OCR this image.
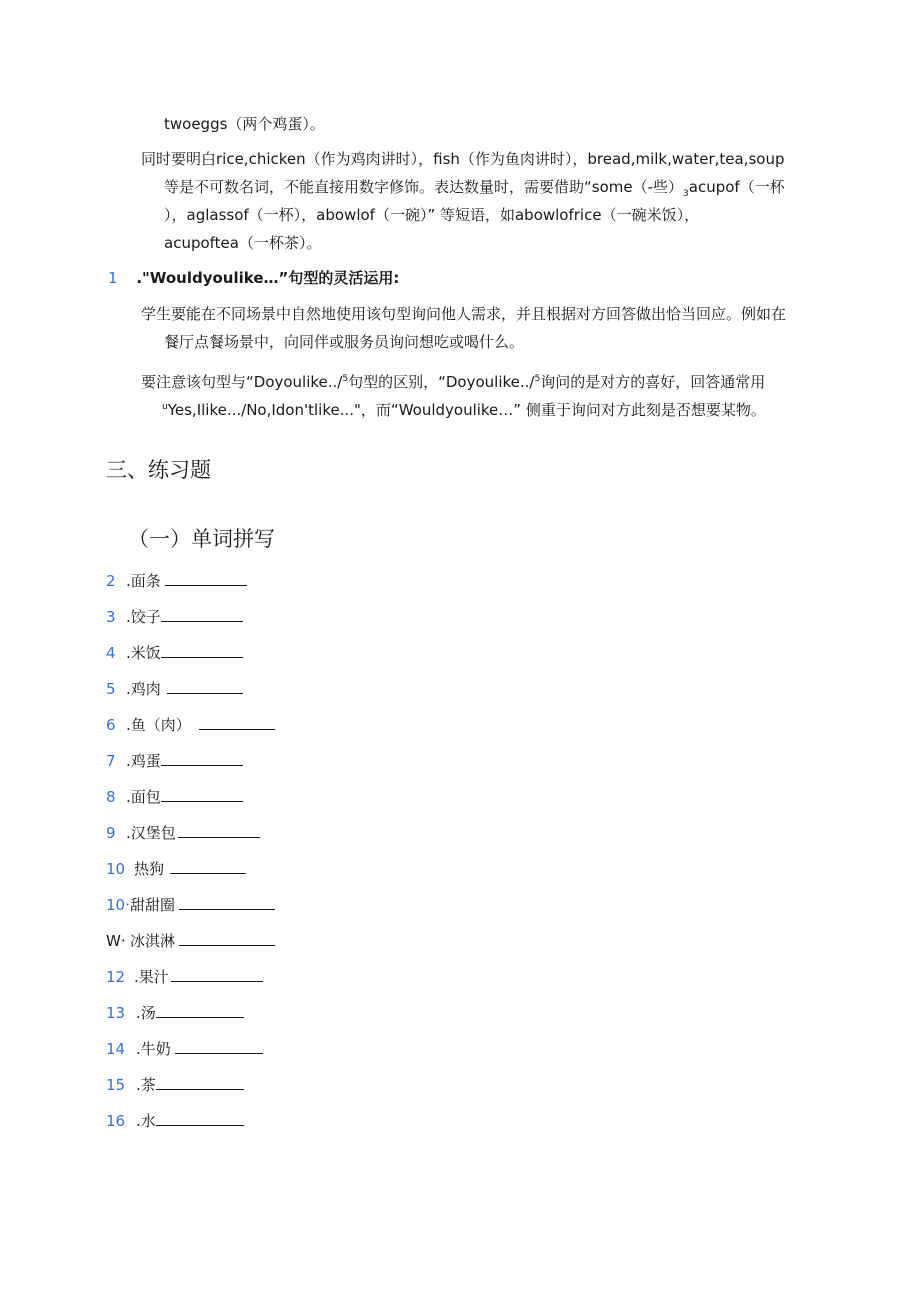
twoeggs（两个鸡蛋）。
同时要明白rice,chicken（作为鸡肉讲时），fish（作为鱼肉讲时），bread,milk,water,tea,soup
等是不可数名词，不能直接用数字修饰。表达数量时，需要借助“some（-些）$_3acupof$（一杯
），aglassof（一杯），abowlof（一碗）” 等短语，如abowlofrice（一碗米饭），
acupoftea（一杯茶）。
1 ."Wouldyoulike…”句型的灵活运用:
学生要能在不同场景中自然地使用该句型询问他人需求，并且根据对方回答做出恰当回应。例如在
餐厅点餐场景中，向同伴或服务员询问想吃或喝什么。
要注意该句型与“Doyoulike../$^5$句型的区别，“Doyoulike../$^5$询问的是对方的喜好，回答通常用
$^u$Yes,Ilike.../No,Idon'tlike..."，而“Wouldyoulike…” 侧重于询问对方此刻是否想要某物。
三、练习题
（一）单词拼写
2 .面条
3 .饺子
4 .米饭
5 .鸡肉
6 .鱼（肉）
7 .鸡蛋
8 .面包
9 .汉堡包
10 热狗
10·甜甜圈
W· 冰淇淋
12 .果汁
13 .汤
14 .牛奶
15 .茶
16 .水
